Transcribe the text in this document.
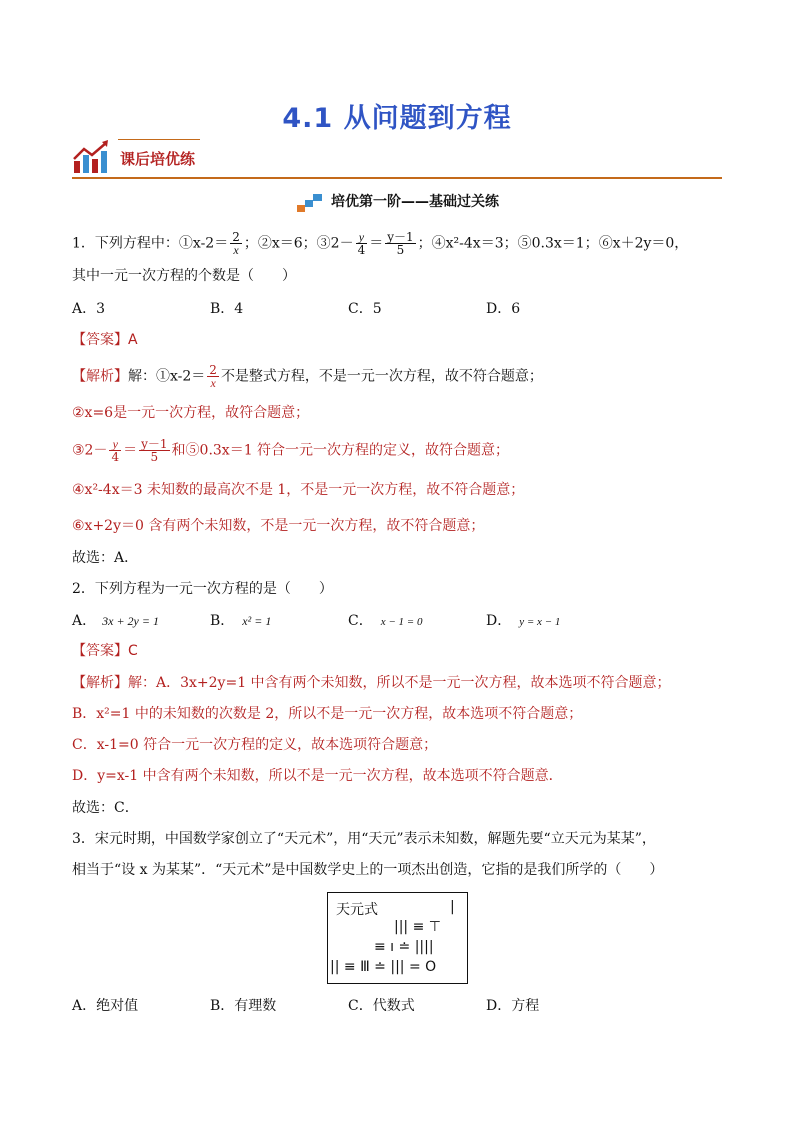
4.1 从问题到方程
课后培优练
培优第一阶——基础过关练
1．下列方程中：①x-2＝ $\frac{2}{x}$ ；②x＝6；③2－ $\frac{y}{4} = \frac{y-1}{5}$ ；④x²-4x＝3；⑤0.3x＝1；⑥x＋2y＝0，
其中一元一次方程的个数是（　　）
A．3	B．4	C．5	D．6
【答案】A
【解析】解：①x-2＝ $\frac{2}{x}$ 不是整式方程，不是一元一次方程，故不符合题意；
②x=6是一元一次方程，故符合题意；
③2－ $\frac{y}{4} = \frac{y-1}{5}$ 和⑤0.3x＝1 符合一元一次方程的定义，故符合题意；
④x²-4x＝3 未知数的最高次不是 1，不是一元一次方程，故不符合题意；
⑥x+2y＝0 含有两个未知数，不是一元一次方程，故不符合题意；
故选：A．
2．下列方程为一元一次方程的是（　　）
A． 3x + 2y = 1	B． x² = 1	C． x − 1 = 0	D． y = x − 1
【答案】C
【解析】解：A．3x+2y=1 中含有两个未知数，所以不是一元一次方程，故本选项不符合题意；
B．x²=1 中的未知数的次数是 2，所以不是一元一次方程，故本选项不符合题意；
C．x-1=0 符合一元一次方程的定义，故本选项符合题意；
D．y=x-1 中含有两个未知数，所以不是一元一次方程，故本选项不符合题意．
故选：C．
3．宋元时期，中国数学家创立了“天元术”，用“天元”表示未知数，解题先要“立天元为某某”，
相当于“设 x 为某某”．“天元术”是中国数学史上的一项杰出创造，它指的是我们所学的（　　）
天元式	|
||| ≡ ⊤
≡ ı ≐ ||||
|| ≡ Ⅲ ≐ ||| = O
A．绝对值	B．有理数	C．代数式	D．方程
